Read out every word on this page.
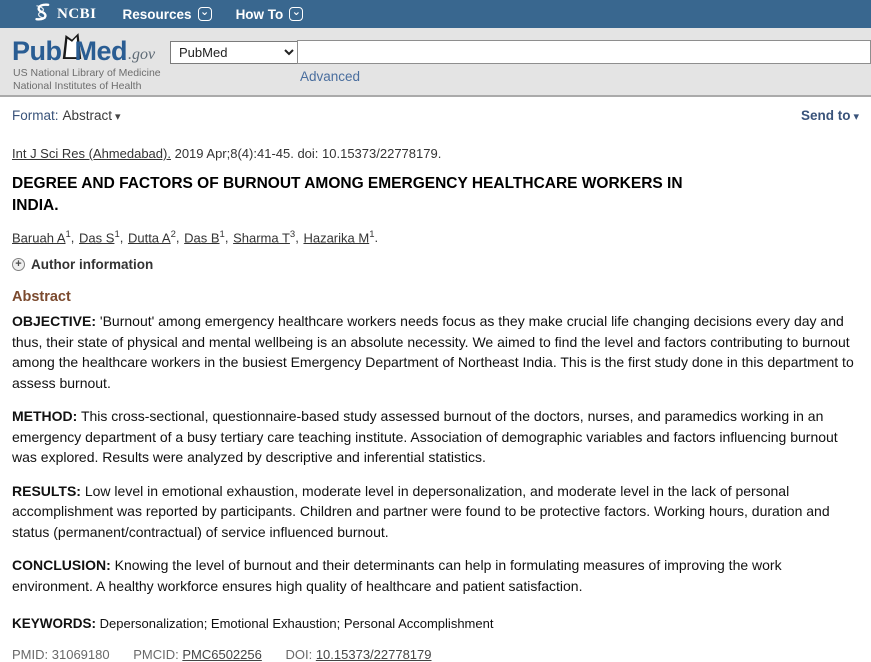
NCBI Resources ⌄ How To ⌄
Pub Med .gov
US National Library of Medicine
National Institutes of Health
PubMed
Advanced
Format: Abstract ▾	Send to ▾

Int J Sci Res (Ahmedabad). 2019 Apr;8(4):41-45. doi: 10.15373/22778179.

DEGREE AND FACTORS OF BURNOUT AMONG EMERGENCY HEALTHCARE WORKERS IN
INDIA.

Baruah $A^1$, Das $S^1$, Dutta $A^2$, Das $B^1$, Sharma $T^3$, Hazarika $M^1$.

+ Author information
Abstract

OBJECTIVE: 'Burnout' among emergency healthcare workers needs focus as they make crucial life changing decisions every day and thus, their state of physical and mental wellbeing is an absolute necessity. We aimed to find the level and factors contributing to burnout among the healthcare workers in the busiest Emergency Department of Northeast India. This is the first study done in this department to assess burnout.

METHOD: This cross-sectional, questionnaire-based study assessed burnout of the doctors, nurses, and paramedics working in an emergency department of a busy tertiary care teaching institute. Association of demographic variables and factors influencing burnout was explored. Results were analyzed by descriptive and inferential statistics.

RESULTS: Low level in emotional exhaustion, moderate level in depersonalization, and moderate level in the lack of personal accomplishment was reported by participants. Children and partner were found to be protective factors. Working hours, duration and status (permanent/contractual) of service influenced burnout.

CONCLUSION: Knowing the level of burnout and their determinants can help in formulating measures of improving the work environment. A healthy workforce ensures high quality of healthcare and patient satisfaction.

KEYWORDS: Depersonalization; Emotional Exhaustion; Personal Accomplishment

PMID: 31069180 PMCID: PMC6502256 DOI: 10.15373/22778179
